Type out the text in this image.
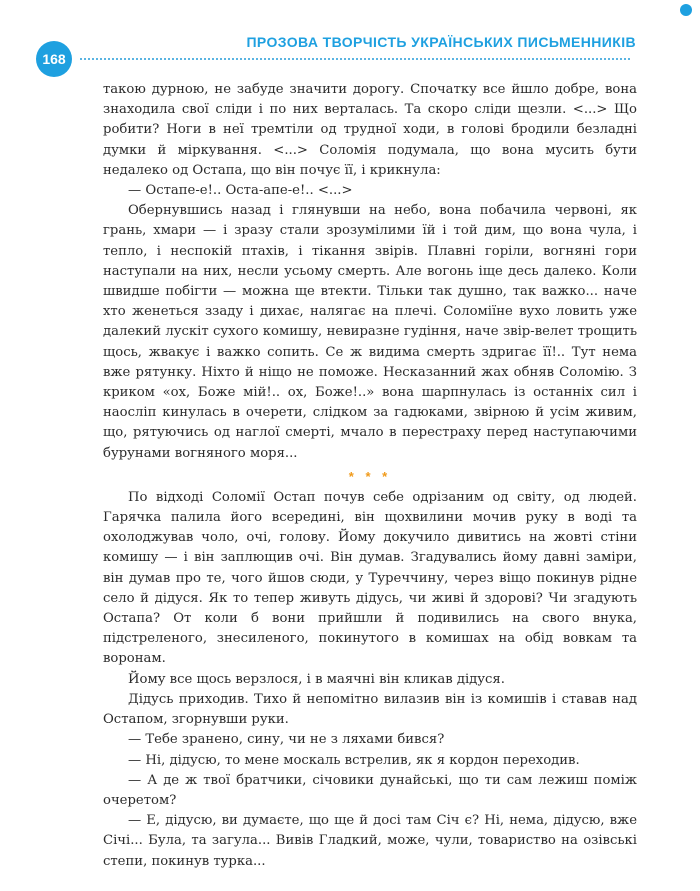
168
ПРОЗОВА ТВОРЧІСТЬ УКРАЇНСЬКИХ ПИСЬМЕННИКІВ

такою дурною, не забуде значити дорогу. Спочатку все йшло добре, вона знаходила свої сліди і по них верталась. Та скоро сліди щезли. <...> Що робити? Ноги в неї тремтіли од трудної ходи, в голові бродили безладні думки й міркування. <...> Соломія подумала, що вона мусить бути недалеко од Остапа, що він почує її, і крикнула:

— Остапе-е!.. Оста-апе-е!.. <...>

Обернувшись назад і глянувши на небо, вона побачила червоні, як грань, хмари — і зразу стали зрозумілими їй і той дим, що вона чула, і тепло, і неспокій птахів, і тікання звірів. Плавні горіли, вогняні гори наступали на них, несли усьому смерть. Але вогонь іще десь далеко. Коли швидше побігти — можна ще втекти. Тільки так душно, так важко... наче хто женеться ззаду і дихає, налягає на плечі. Соломіїне вухо ловить уже далекий лускіт сухого комишу, невиразне гудіння, наче звір-велет трощить щось, жвакує і важко сопить. Се ж видима смерть здригає її!.. Тут нема вже рятунку. Ніхто й ніщо не поможе. Несказанний жах обняв Соломію. З криком «ох, Боже мій!.. ох, Боже!..» вона шарпнулась із останніх сил і наосліп кинулась в очерети, слідком за гадюками, звірною й усім живим, що, рятуючись од наглої смерті, мчало в перестраху перед наступаючими бурунами вогняного моря...

* * *

По відході Соломії Остап почув себе одрізаним од світу, од людей. Гарячка палила його всередині, він щохвилини мочив руку в воді та охолоджував чоло, очі, голову. Йому докучило дивитись на жовті стіни комишу — і він заплющив очі. Він думав. Згадувались йому давні заміри, він думав про те, чого йшов сюди, у Туреччину, через віщо покинув рідне село й дідуся. Як то тепер живуть дідусь, чи живі й здорові? Чи згадують Остапа? От коли б вони прийшли й подивились на свого внука, підстреленого, знесиленого, покинутого в комишах на обід вовкам та воронам.

Йому все щось верзлося, і в маячні він кликав дідуся.

Дідусь приходив. Тихо й непомітно вилазив він із комишів і ставав над Остапом, згорнувши руки.

— Тебе зранено, сину, чи не з ляхами бився?

— Ні, дідусю, то мене москаль встрелив, як я кордон переходив.

— А де ж твої братчики, січовики дунайські, що ти сам лежиш поміж очеретом?

— Е, дідусю, ви думаєте, що ще й досі там Січ є? Ні, нема, дідусю, вже Січі... Була, та загула... Вивів Гладкий, може, чули, товариство на озівські степи, покинув турка...
